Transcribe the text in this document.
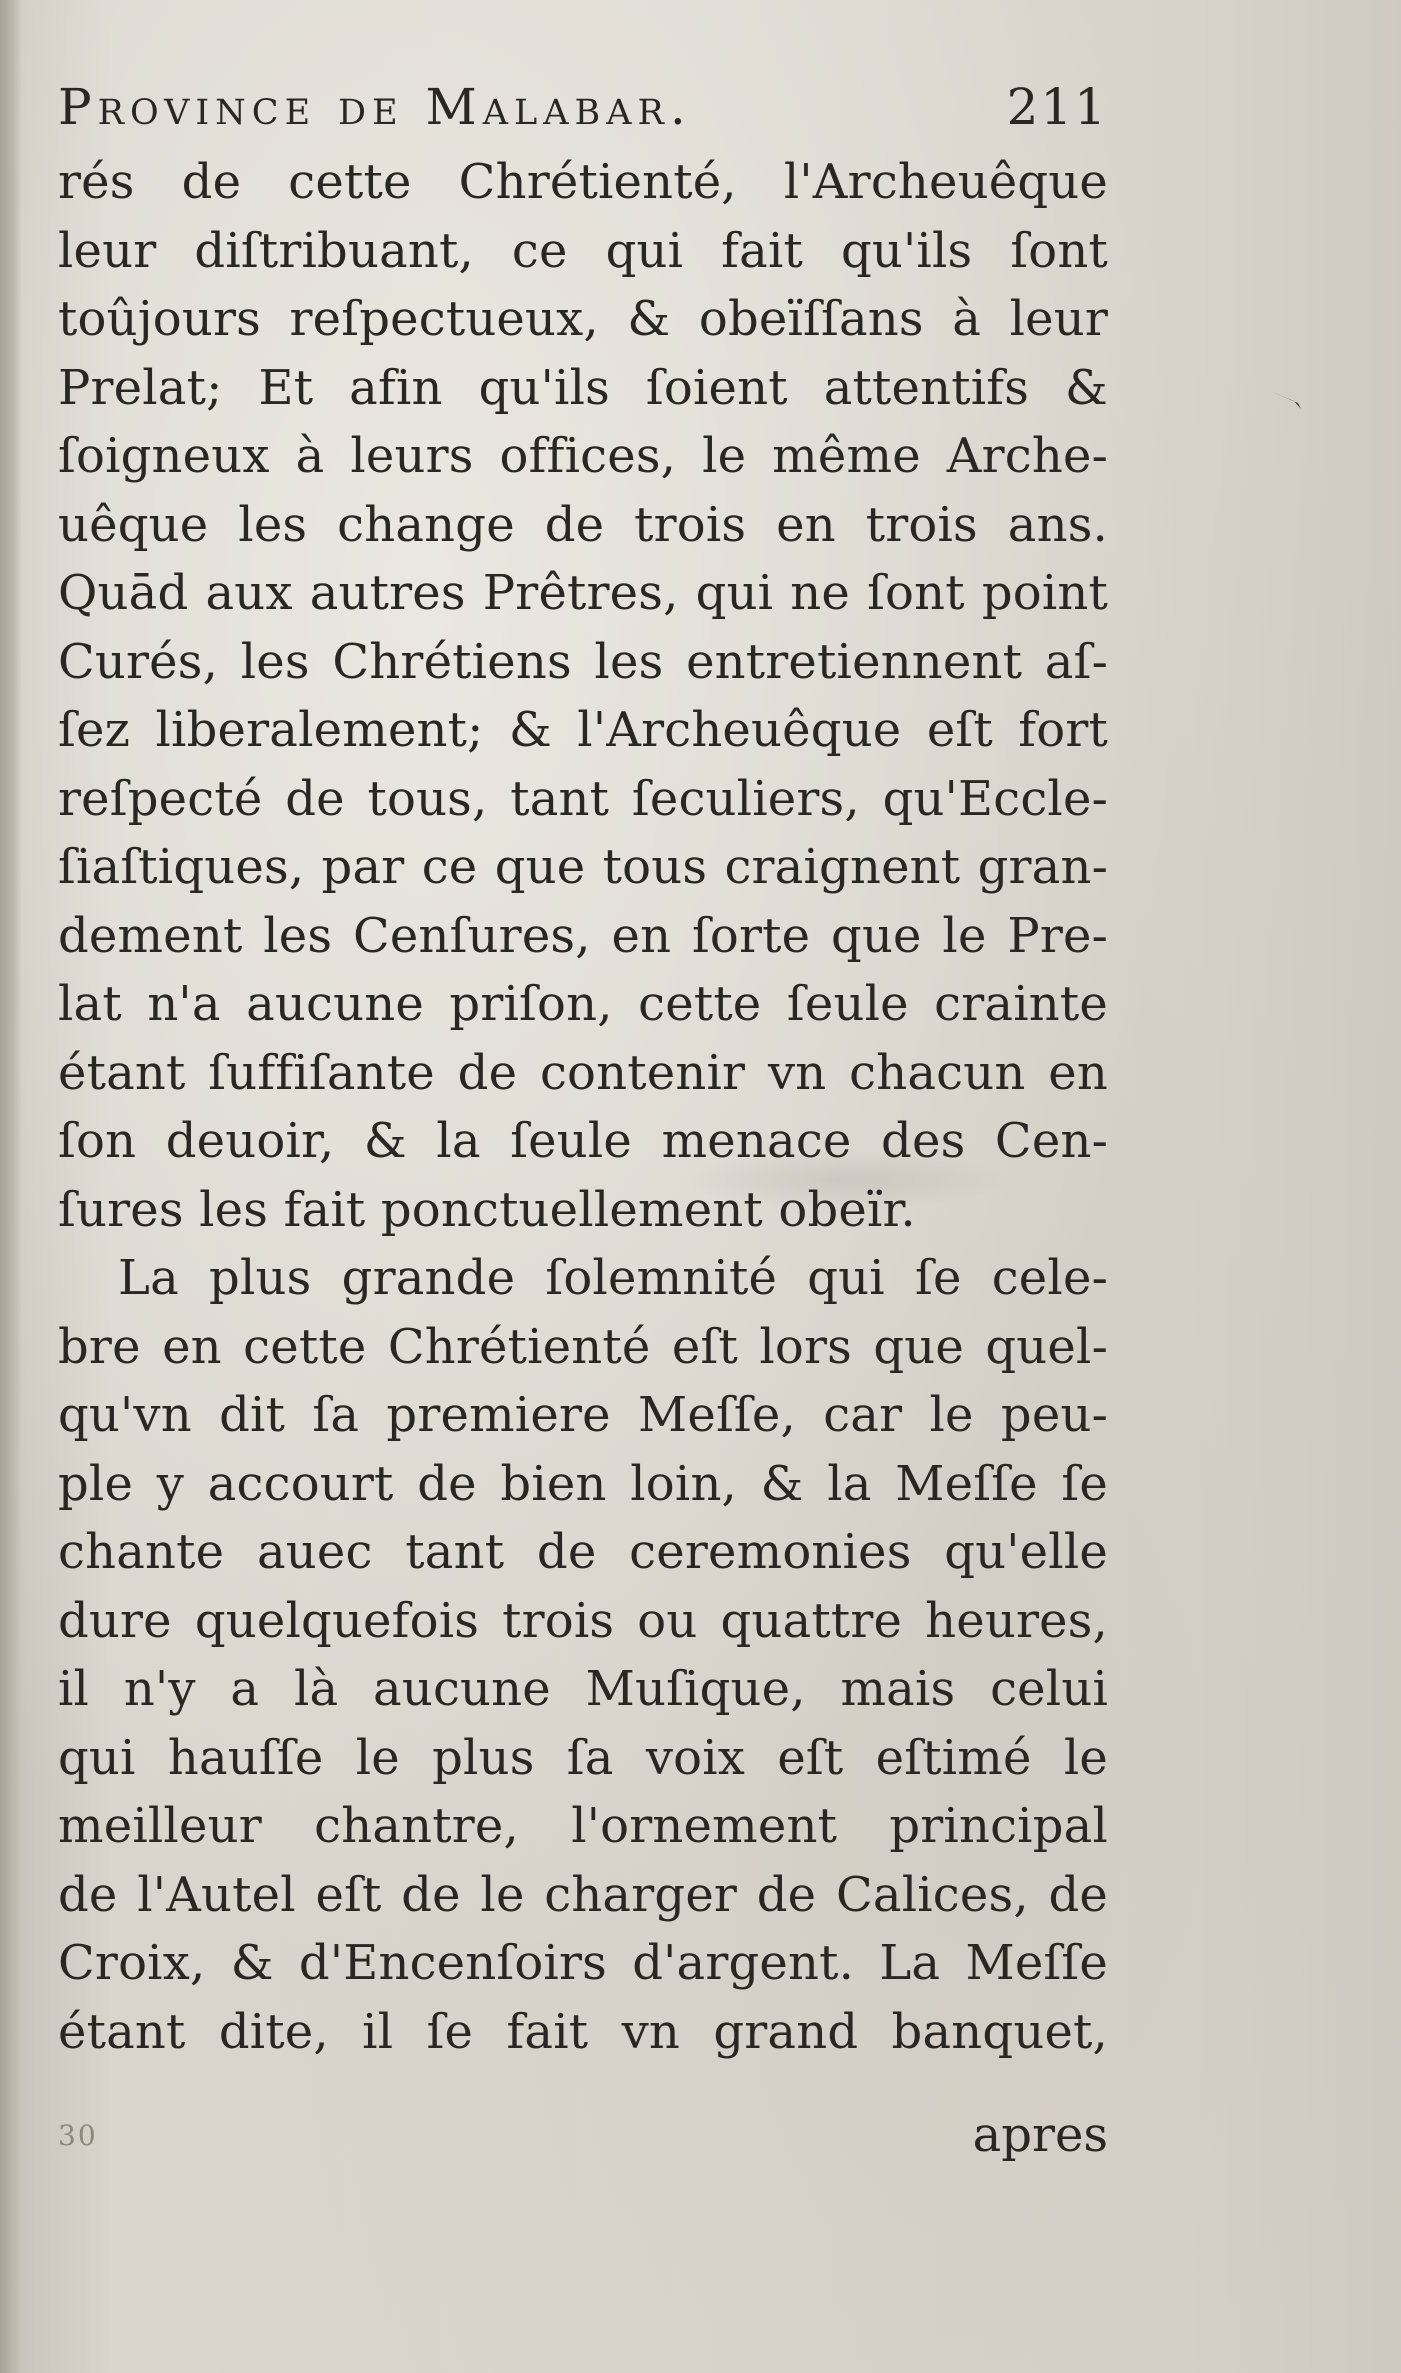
Province de Malabar.	211
rés de cette Chrétienté, l'Archeuêque
leur diſtribuant, ce qui fait qu'ils ſont
toûjours reſpectueux, & obeïſſans à leur
Prelat; Et afin qu'ils ſoient attentifs &
ſoigneux à leurs offices, le même Arche-
uêque les change de trois en trois ans.
Quād aux autres Prêtres, qui ne ſont point
Curés, les Chrétiens les entretiennent aſ-
ſez liberalement; & l'Archeuêque eſt fort
reſpecté de tous, tant ſeculiers, qu'Eccle-
ſiaſtiques, par ce que tous craignent gran-
dement les Cenſures, en ſorte que le Pre-
lat n'a aucune priſon, cette ſeule crainte
étant ſuffiſante de contenir vn chacun en
ſon deuoir, & la ſeule menace des Cen-
ſures les fait ponctuellement obeïr.
La plus grande ſolemnité qui ſe cele-
bre en cette Chrétienté eſt lors que quel-
qu'vn dit ſa premiere Meſſe, car le peu-
ple y accourt de bien loin, & la Meſſe ſe
chante auec tant de ceremonies qu'elle
dure quelquefois trois ou quattre heures,
il n'y a là aucune Muſique, mais celui
qui hauſſe le plus ſa voix eſt eſtimé le
meilleur chantre, l'ornement principal
de l'Autel eſt de le charger de Calices, de
Croix, & d'Encenſoirs d'argent. La Meſſe
étant dite, il ſe fait vn grand banquet,
30	apres
